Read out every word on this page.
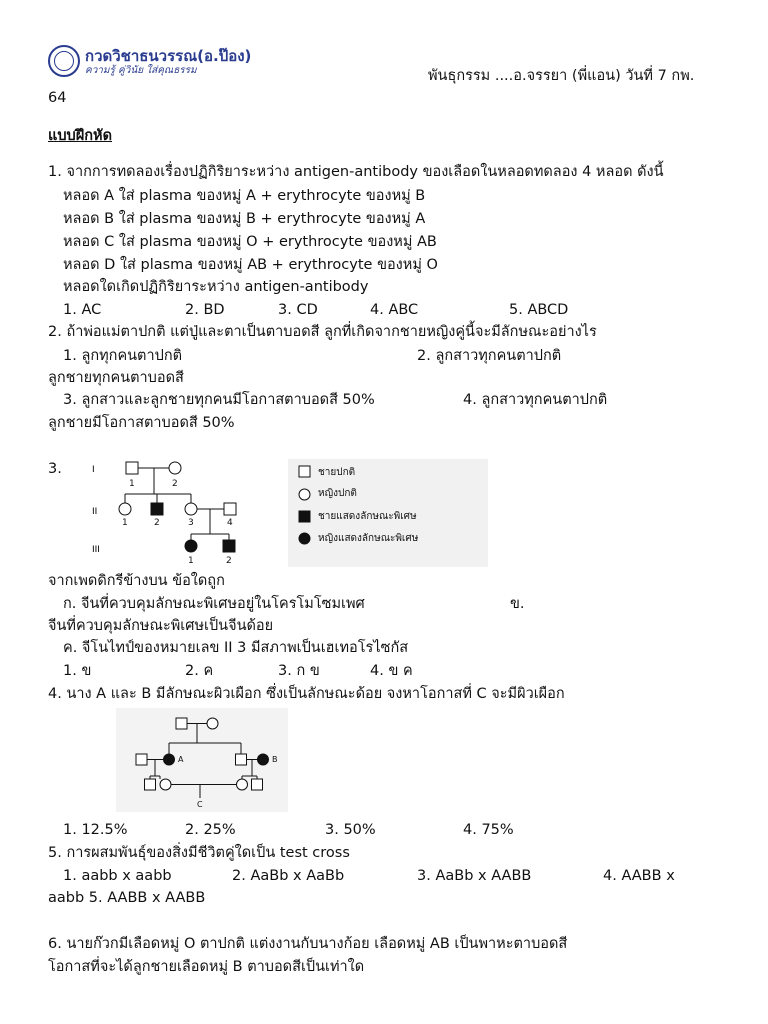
กวดวิชาธนวรรณ(อ.ป๊อง)
ความรู้ คู่วินัย ใส่คุณธรรม	พันธุกรรม ....อ.จรรยา (พี่แอน) วันที่ 7 กพ.
64
แบบฝึกหัด
1. จากการทดลองเรื่องปฏิกิริยาระหว่าง antigen-antibody ของเลือดในหลอดทดลอง 4 หลอด ดังนี้
หลอด A ใส่ plasma ของหมู่ A + erythrocyte ของหมู่ B
หลอด B ใส่ plasma ของหมู่ B + erythrocyte ของหมู่ A
หลอด C ใส่ plasma ของหมู่ O + erythrocyte ของหมู่ AB
หลอด D ใส่ plasma ของหมู่ AB + erythrocyte ของหมู่ O
หลอดใดเกิดปฏิกิริยาระหว่าง antigen-antibody
1. AC	2. BD	3. CD	4. ABC	5. ABCD
2. ถ้าพ่อแม่ตาปกติ แต่ปู่และตาเป็นตาบอดสี ลูกที่เกิดจากชายหญิงคู่นี้จะมีลักษณะอย่างไร
1. ลูกทุกคนตาปกติ	2. ลูกสาวทุกคนตาปกติ
ลูกชายทุกคนตาบอดสี
3. ลูกสาวและลูกชายทุกคนมีโอกาสตาบอดสี 50%	4. ลูกสาวทุกคนตาปกติ
ลูกชายมีโอกาสตาบอดสี 50%
3.	I
II
III
1	2
1	2	3	4
1	2
ชายปกติ
หญิงปกติ
ชายแสดงลักษณะพิเศษ
หญิงแสดงลักษณะพิเศษ
จากเพดดิกรีข้างบน ข้อใดถูก
ก. จีนที่ควบคุมลักษณะพิเศษอยู่ในโครโมโซมเพศ	ข.
จีนที่ควบคุมลักษณะพิเศษเป็นจีนด้อย
ค. จีโนไทป์ของหมายเลข II 3 มีสภาพเป็นเฮเทอโรไซกัส
1. ข	2. ค	3. ก ข	4. ข ค
4. นาง A และ B มีลักษณะผิวเผือก ซึ่งเป็นลักษณะด้อย จงหาโอกาสที่ C จะมีผิวเผือก
A	B
C
1. 12.5%	2. 25%	3. 50%	4. 75%
5. การผสมพันธุ์ของสิ่งมีชีวิตคู่ใดเป็น test cross
1. aabb x aabb	2. AaBb x AaBb	3. AaBb x AABB	4. AABB x
aabb 5. AABB x AABB
6. นายก๊วกมีเลือดหมู่ O ตาปกติ แต่งงานกับนางก้อย เลือดหมู่ AB เป็นพาหะตาบอดสี
โอกาสที่จะได้ลูกชายเลือดหมู่ B ตาบอดสีเป็นเท่าใด
